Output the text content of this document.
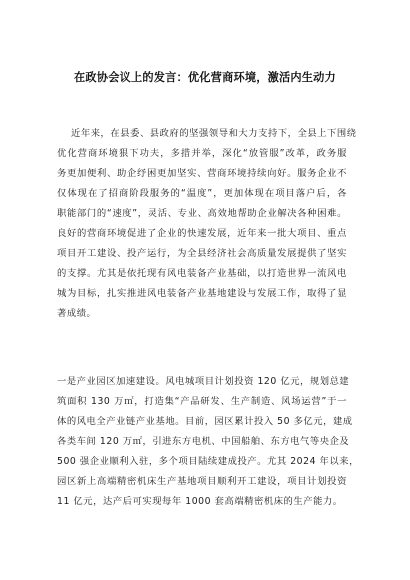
在政协会议上的发言：优化营商环境，激活内生动力
近年来，在县委、县政府的坚强领导和大力支持下，全县上下围绕
优化营商环境狠下功夫，多措并举，深化“放管服”改革，政务服
务更加便利、助企纾困更加坚实、营商环境持续向好。服务企业不
仅体现在了招商阶段服务的“温度”，更加体现在项目落户后，各
职能部门的“速度”，灵活、专业、高效地帮助企业解决各种困难。
良好的营商环境促进了企业的快速发展，近年来一批大项目、重点
项目开工建设、投产运行，为全县经济社会高质量发展提供了坚实
的支撑。尤其是依托现有风电装备产业基础，以打造世界一流风电
城为目标，扎实推进风电装备产业基地建设与发展工作，取得了显
著成绩。
一是产业园区加速建设。风电城项目计划投资 120 亿元，规划总建
筑面积 130 万㎡，打造集“产品研发、生产制造、风场运营”于一
体的风电全产业链产业基地。目前，园区累计投入 50 多亿元，建成
各类车间 120 万㎡，引进东方电机、中国船舶、东方电气等央企及
500 强企业顺利入驻，多个项目陆续建成投产。尤其 2024 年以来，
园区新上高端精密机床生产基地项目顺利开工建设，项目计划投资
11 亿元，达产后可实现每年 1000 套高端精密机床的生产能力。
